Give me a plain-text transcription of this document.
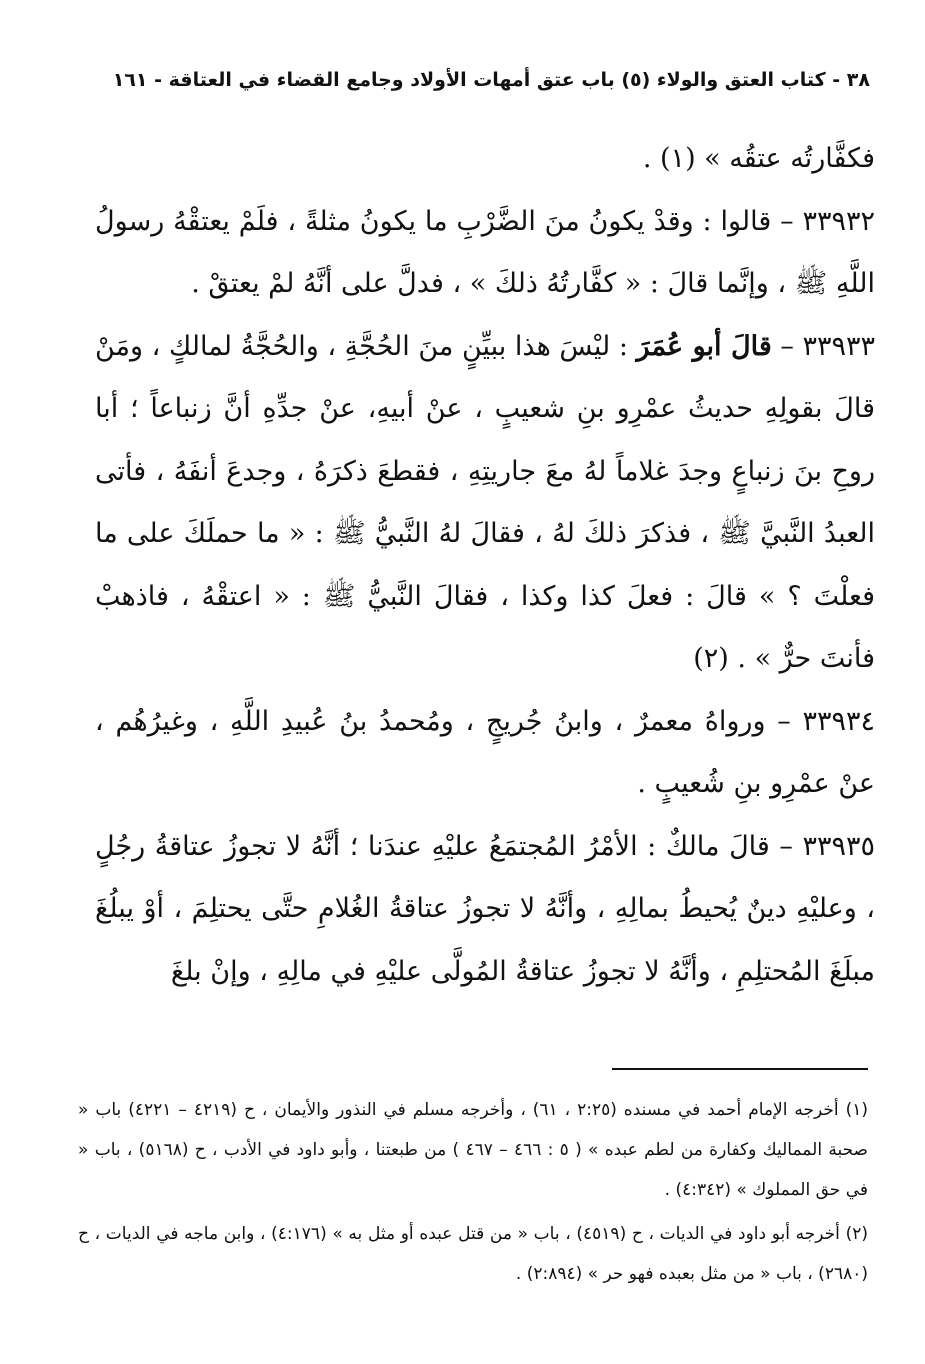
٣٨ - كتاب العتق والولاء (٥) باب عتق أمهات الأولاد وجامع القضاء في العتاقة - ١٦١

فكفَّارتُه عتقُه » (١) .

٣٣٩٣٢ – قالوا : وقدْ يكونُ منَ الضَّرْبِ ما يكونُ مثلةً ، فلَمْ يعتقْهُ رسولُ اللَّهِ ﷺ ، وإنَّما قالَ : « كفَّارتُهُ ذلكَ » ، فدلَّ على أنَّهُ لمْ يعتقْ .

٣٣٩٣٣ – قالَ أبو عُمَرَ : ليْسَ هذا ببيِّنٍ منَ الحُجَّةِ ، والحُجَّةُ لمالكٍ ، ومَنْ قالَ بقولِهِ حديثُ عمْرِو بنِ شعيبٍ ، عنْ أبيهِ، عنْ جدِّهِ أنَّ زنباعاً ؛ أبا روحِ بنَ زنباعٍ وجدَ غلاماً لهُ معَ جاريتِهِ ، فقطعَ ذكرَهُ ، وجدعَ أنفَهُ ، فأتى العبدُ النَّبيَّ ﷺ ، فذكرَ ذلكَ لهُ ، فقالَ لهُ النَّبيُّ ﷺ : « ما حملَكَ على ما فعلْتَ ؟ » قالَ : فعلَ كذا وكذا ، فقالَ النَّبيُّ ﷺ : « اعتقْهُ ، فاذهبْ فأنتَ حرٌّ » . (٢)

٣٣٩٣٤ – ورواهُ معمرٌ ، وابنُ جُريجٍ ، ومُحمدُ بنُ عُبيدِ اللَّهِ ، وغيرُهُم ، عنْ عمْرِو بنِ شُعيبٍ .

٣٣٩٣٥ – قالَ مالكٌ : الأمْرُ المُجتمَعُ عليْهِ عندَنا ؛ أنَّهُ لا تجوزُ عتاقةُ رجُلٍ ، وعليْهِ دينٌ يُحيطُ بمالِهِ ، وأنَّهُ لا تجوزُ عتاقةُ الغُلامِ حتَّى يحتلِمَ ، أوْ يبلُغَ مبلَغَ المُحتلِمِ ، وأنَّهُ لا تجوزُ عتاقةُ المُولَّى عليْهِ في مالِهِ ، وإنْ بلغَ

(١) أخرجه الإمام أحمد في مسنده (٢:٢٥ ، ٦١) ، وأخرجه مسلم في النذور والأيمان ، ح (٤٢١٩ – ٤٢٢١) باب « صحبة المماليك وكفارة من لطم عبده » ( ٥ : ٤٦٦ – ٤٦٧ ) من طبعتنا ، وأبو داود في الأدب ، ح (٥١٦٨) ، باب « في حق المملوك » (٤:٣٤٢) .

(٢) أخرجه أبو داود في الديات ، ح (٤٥١٩) ، باب « من قتل عبده أو مثل به » (٤:١٧٦) ، وابن ماجه في الديات ، ح (٢٦٨٠) ، باب « من مثل بعبده فهو حر » (٢:٨٩٤) .
